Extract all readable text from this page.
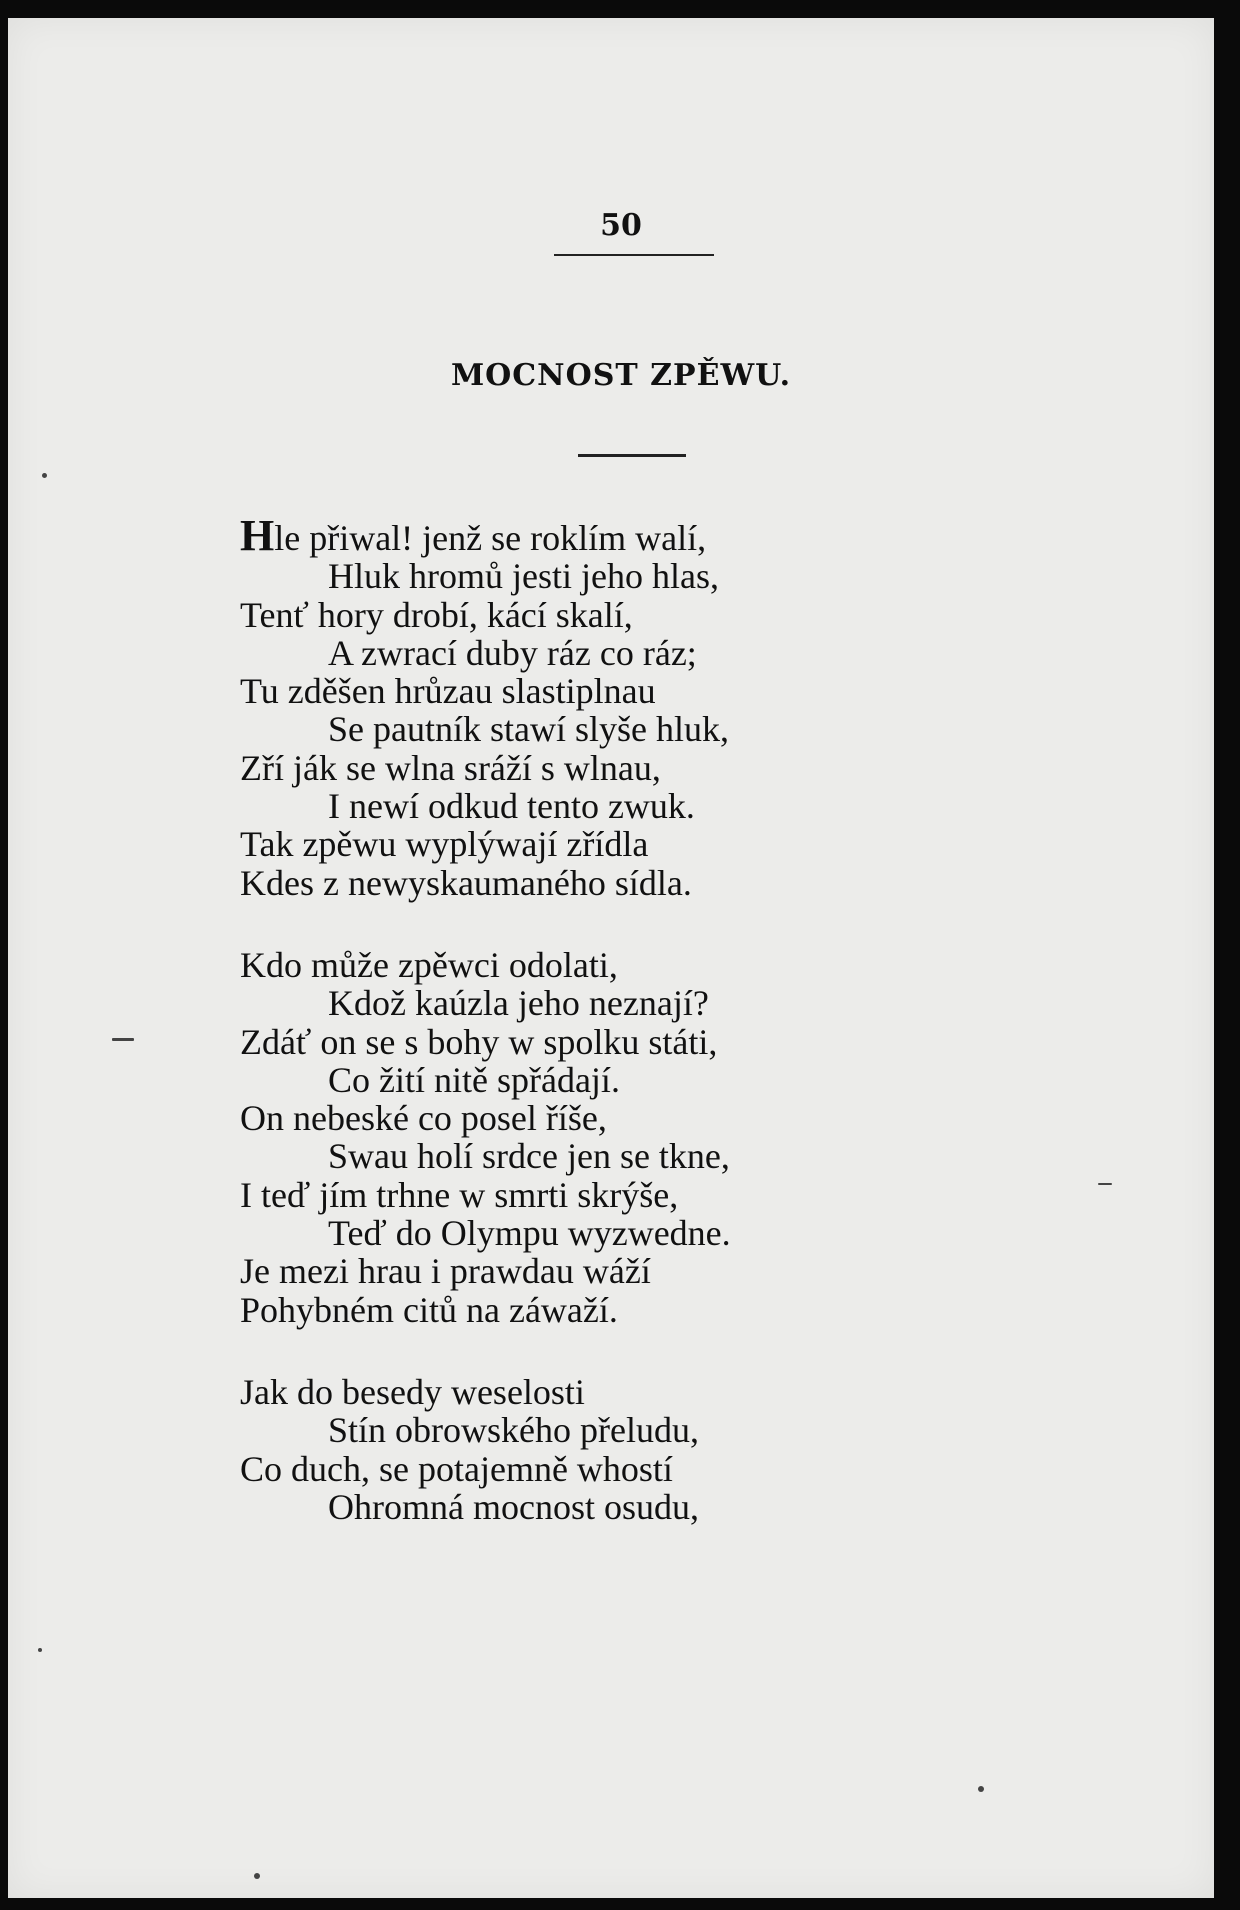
50
MOCNOST ZPĚWU.
Hle přiwal! jenž se roklím walí,
Hluk hromů jesti jeho hlas,
Tenť hory drobí, kácí skalí,
A zwrací duby ráz co ráz;
Tu zděšen hrůzau slastiplnau
Se pautník stawí slyše hluk,
Zří ják se wlna sráží s wlnau,
I newí odkud tento zwuk.
Tak zpěwu wyplýwají zřídla
Kdes z newyskaumaného sídla.
Kdo může zpěwci odolati,
Kdož kaúzla jeho neznají?
Zdáť on se s bohy w spolku státi,
Co žití nitě spřádají.
On nebeské co posel říše,
Swau holí srdce jen se tkne,
I teď jím trhne w smrti skrýše,
Teď do Olympu wyzwedne.
Je mezi hrau i prawdau wáží
Pohybném citů na záwaží.
Jak do besedy weselosti
Stín obrowského přeludu,
Co duch, se potajemně whostí
Ohromná mocnost osudu,
